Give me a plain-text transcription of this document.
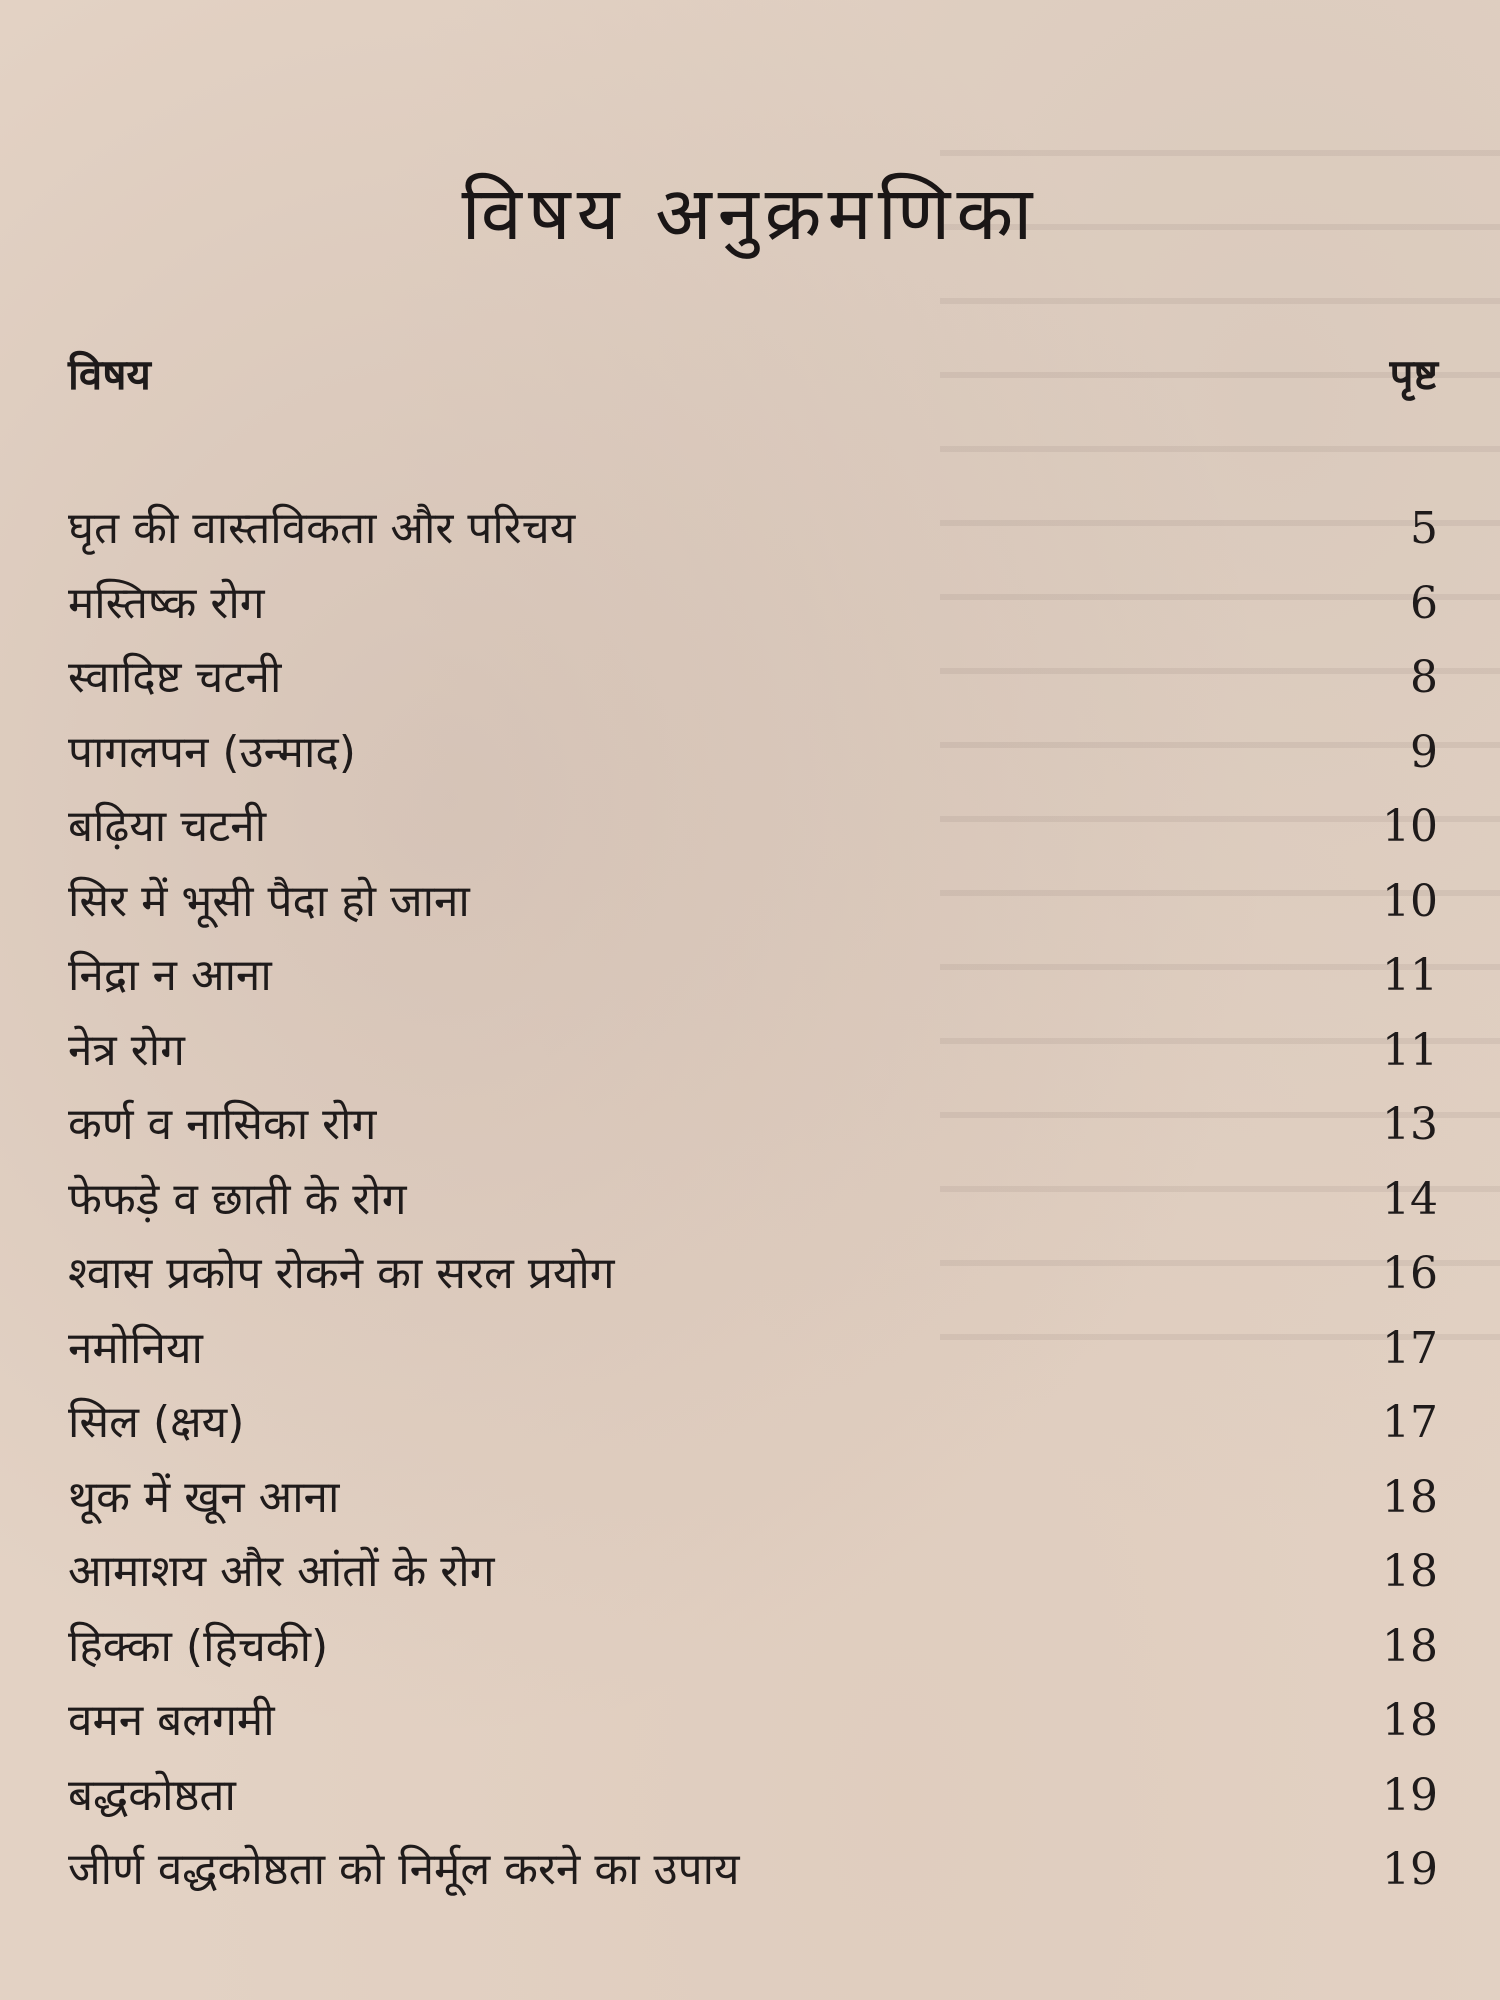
विषय अनुक्रमणिका
विषय	पृष्ट
घृत की वास्तविकता और परिचय	5
मस्तिष्क रोग	6
स्वादिष्ट चटनी	8
पागलपन (उन्माद)	9
बढ़िया चटनी	10
सिर में भूसी पैदा हो जाना	10
निद्रा न आना	11
नेत्र रोग	11
कर्ण व नासिका रोग	13
फेफड़े व छाती के रोग	14
श्वास प्रकोप रोकने का सरल प्रयोग	16
नमोनिया	17
सिल (क्षय)	17
थूक में खून आना	18
आमाशय और आंतों के रोग	18
हिक्का (हिचकी)	18
वमन बलगमी	18
बद्धकोष्ठता	19
जीर्ण वद्धकोष्ठता को निर्मूल करने का उपाय	19
